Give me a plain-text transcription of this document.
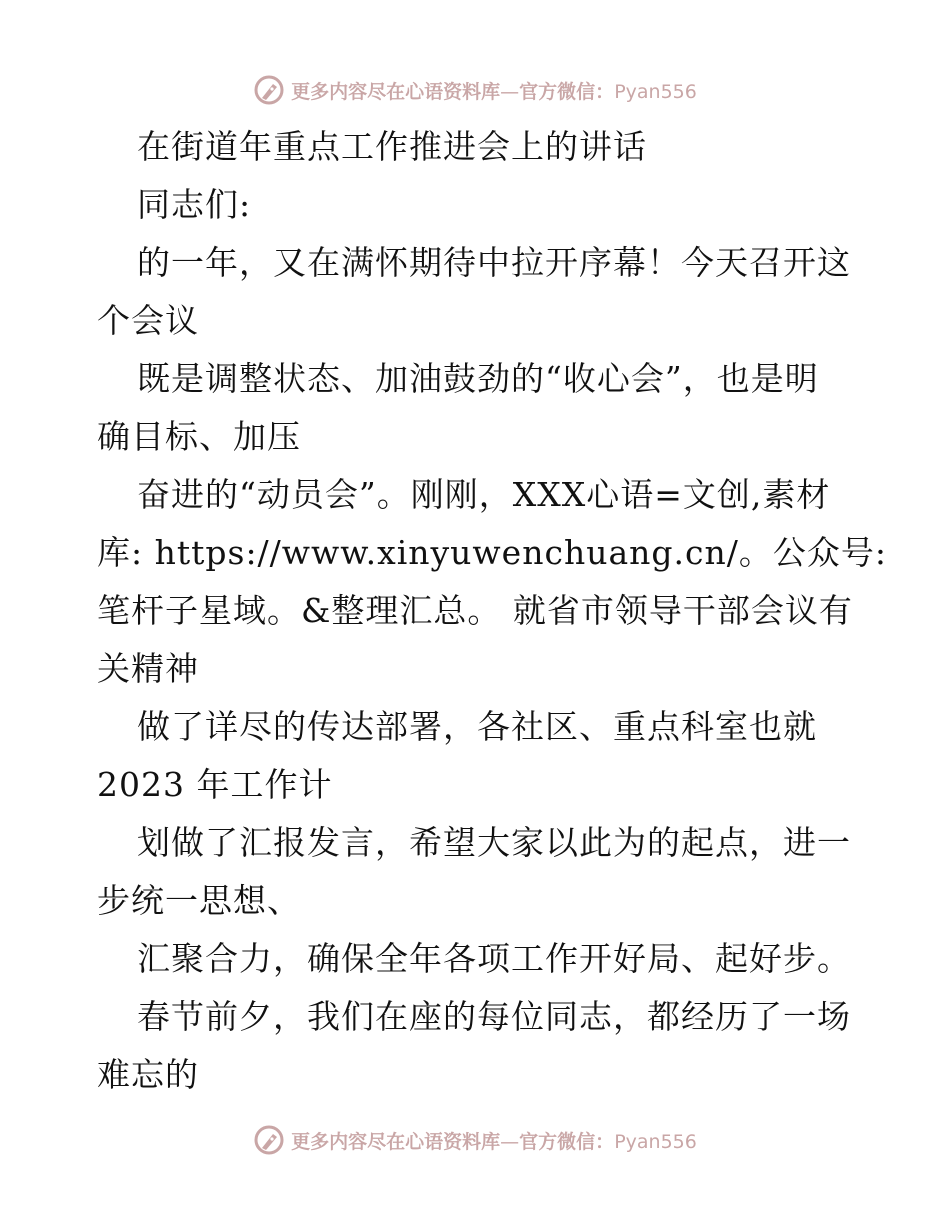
更多内容尽在心语资料库—官方微信：Pyan556
在街道年重点工作推进会上的讲话
同志们:
的一年，又在满怀期待中拉开序幕！今天召开这
个会议
既是调整状态、加油鼓劲的“收心会”，也是明
确目标、加压
奋进的“动员会”。刚刚，XXX心语=文创,素材
库: https://www.xinyuwenchuang.cn/。公众号:
笔杆子星域。&整理汇总。 就省市领导干部会议有
关精神
做了详尽的传达部署，各社区、重点科室也就
2023 年工作计
划做了汇报发言，希望大家以此为的起点，进一
步统一思想、
汇聚合力，确保全年各项工作开好局、起好步。
春节前夕，我们在座的每位同志，都经历了一场
难忘的
更多内容尽在心语资料库—官方微信：Pyan556
